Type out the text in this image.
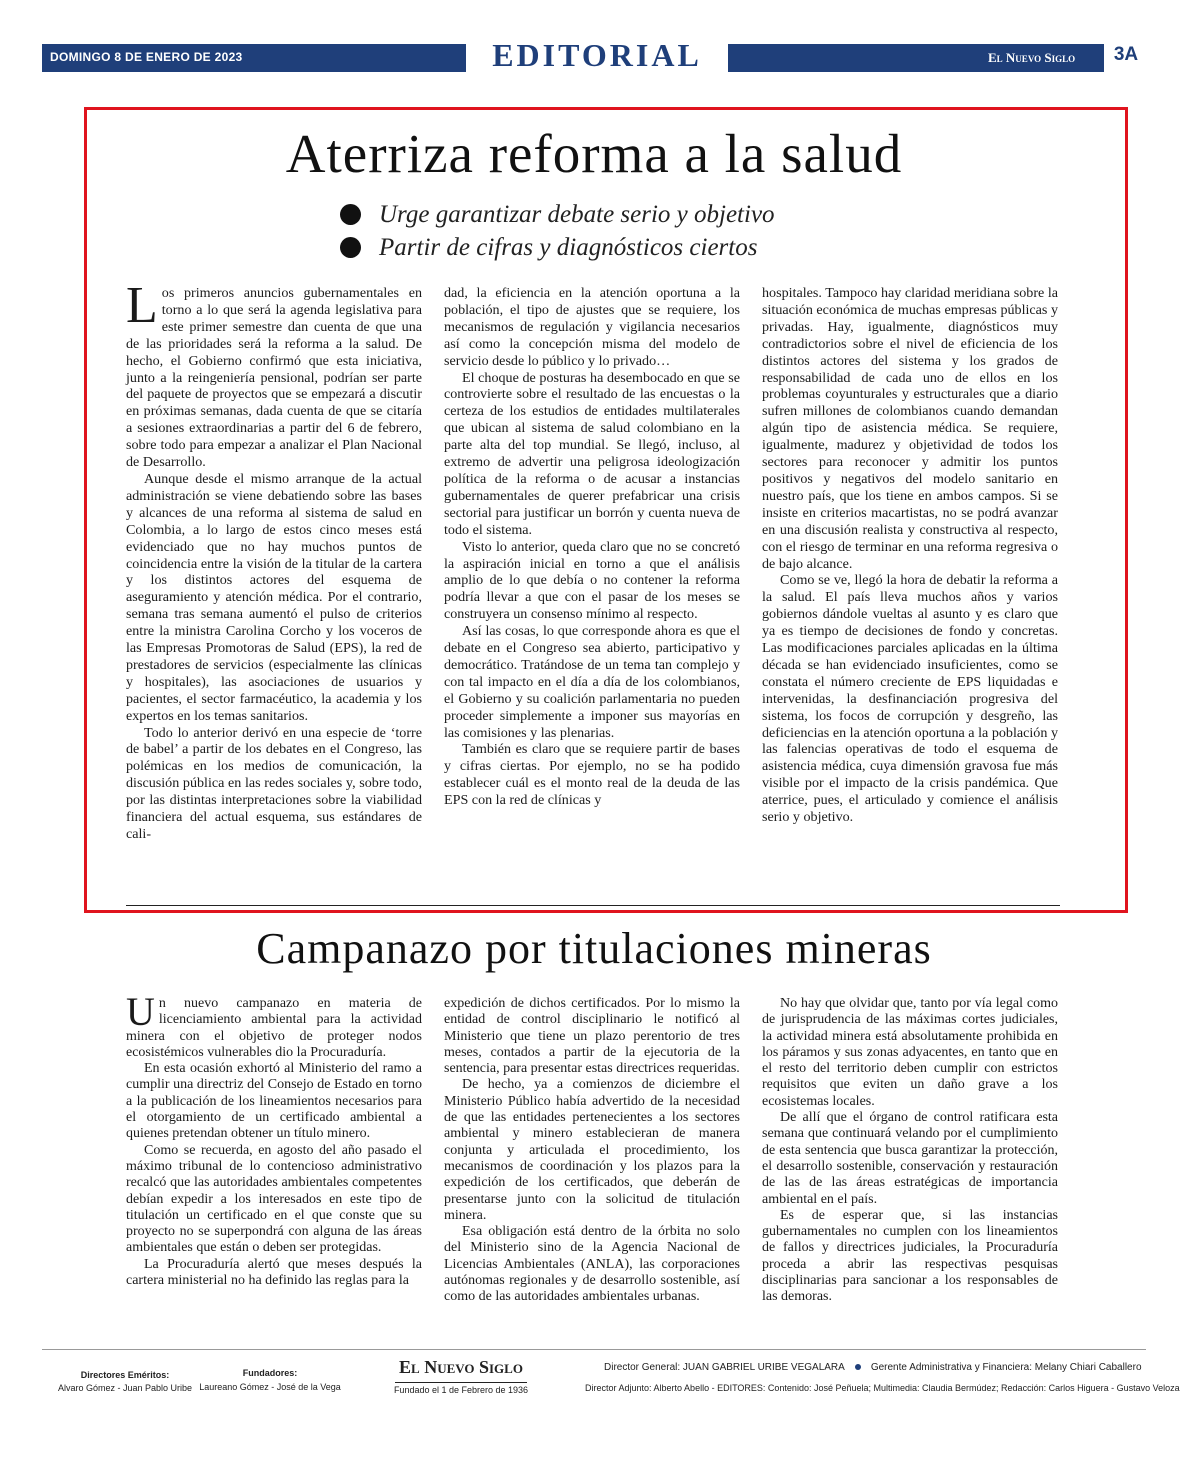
DOMINGO 8 DE ENERO DE 2023	EDITORIAL	El Nuevo Siglo	3A
Aterriza reforma a la salud
Urge garantizar debate serio y objetivo
Partir de cifras y diagnósticos ciertos

Los primeros anuncios gubernamentales en torno a lo que será la agenda legislativa para este primer semestre dan cuenta de que una de las prioridades será la reforma a la salud. De hecho, el Gobierno confirmó que esta iniciativa, junto a la reingeniería pensional, podrían ser parte del paquete de proyectos que se empezará a discutir en próximas semanas, dada cuenta de que se citaría a sesiones extraordinarias a partir del 6 de febrero, sobre todo para empezar a analizar el Plan Nacional de Desarrollo.

Aunque desde el mismo arranque de la actual administración se viene debatiendo sobre las bases y alcances de una reforma al sistema de salud en Colombia, a lo largo de estos cinco meses está evidenciado que no hay muchos puntos de coincidencia entre la visión de la titular de la cartera y los distintos actores del esquema de aseguramiento y atención médica. Por el contrario, semana tras semana aumentó el pulso de criterios entre la ministra Carolina Corcho y los voceros de las Empresas Promotoras de Salud (EPS), la red de prestadores de servicios (especialmente las clínicas y hospitales), las asociaciones de usuarios y pacientes, el sector farmacéutico, la academia y los expertos en los temas sanitarios.

Todo lo anterior derivó en una especie de ‘torre de babel’ a partir de los debates en el Congreso, las polémicas en los medios de comunicación, la discusión pública en las redes sociales y, sobre todo, por las distintas interpretaciones sobre la viabilidad financiera del actual esquema, sus estándares de cali-

dad, la eficiencia en la atención oportuna a la población, el tipo de ajustes que se requiere, los mecanismos de regulación y vigilancia necesarios así como la concepción misma del modelo de servicio desde lo público y lo privado…

El choque de posturas ha desembocado en que se controvierte sobre el resultado de las encuestas o la certeza de los estudios de entidades multilaterales que ubican al sistema de salud colombiano en la parte alta del top mundial. Se llegó, incluso, al extremo de advertir una peligrosa ideologización política de la reforma o de acusar a instancias gubernamentales de querer prefabricar una crisis sectorial para justificar un borrón y cuenta nueva de todo el sistema.

Visto lo anterior, queda claro que no se concretó la aspiración inicial en torno a que el análisis amplio de lo que debía o no contener la reforma podría llevar a que con el pasar de los meses se construyera un consenso mínimo al respecto.

Así las cosas, lo que corresponde ahora es que el debate en el Congreso sea abierto, participativo y democrático. Tratándose de un tema tan complejo y con tal impacto en el día a día de los colombianos, el Gobierno y su coalición parlamentaria no pueden proceder simplemente a imponer sus mayorías en las comisiones y las plenarias.

También es claro que se requiere partir de bases y cifras ciertas. Por ejemplo, no se ha podido establecer cuál es el monto real de la deuda de las EPS con la red de clínicas y

hospitales. Tampoco hay claridad meridiana sobre la situación económica de muchas empresas públicas y privadas. Hay, igualmente, diagnósticos muy contradictorios sobre el nivel de eficiencia de los distintos actores del sistema y los grados de responsabilidad de cada uno de ellos en los problemas coyunturales y estructurales que a diario sufren millones de colombianos cuando demandan algún tipo de asistencia médica. Se requiere, igualmente, madurez y objetividad de todos los sectores para reconocer y admitir los puntos positivos y negativos del modelo sanitario en nuestro país, que los tiene en ambos campos. Si se insiste en criterios macartistas, no se podrá avanzar en una discusión realista y constructiva al respecto, con el riesgo de terminar en una reforma regresiva o de bajo alcance.

Como se ve, llegó la hora de debatir la reforma a la salud. El país lleva muchos años y varios gobiernos dándole vueltas al asunto y es claro que ya es tiempo de decisiones de fondo y concretas. Las modificaciones parciales aplicadas en la última década se han evidenciado insuficientes, como se constata el número creciente de EPS liquidadas e intervenidas, la desfinanciación progresiva del sistema, los focos de corrupción y desgreño, las deficiencias en la atención oportuna a la población y las falencias operativas de todo el esquema de asistencia médica, cuya dimensión gravosa fue más visible por el impacto de la crisis pandémica. Que aterrice, pues, el articulado y comience el análisis serio y objetivo.

Campanazo por titulaciones mineras

Un nuevo campanazo en materia de licenciamiento ambiental para la actividad minera con el objetivo de proteger nodos ecosistémicos vulnerables dio la Procuraduría.

En esta ocasión exhortó al Ministerio del ramo a cumplir una directriz del Consejo de Estado en torno a la publicación de los lineamientos necesarios para el otorgamiento de un certificado ambiental a quienes pretendan obtener un título minero.

Como se recuerda, en agosto del año pasado el máximo tribunal de lo contencioso administrativo recalcó que las autoridades ambientales competentes debían expedir a los interesados en este tipo de titulación un certificado en el que conste que su proyecto no se superpondrá con alguna de las áreas ambientales que están o deben ser protegidas.

La Procuraduría alertó que meses después la cartera ministerial no ha definido las reglas para la

expedición de dichos certificados. Por lo mismo la entidad de control disciplinario le notificó al Ministerio que tiene un plazo perentorio de tres meses, contados a partir de la ejecutoria de la sentencia, para presentar estas directrices requeridas.

De hecho, ya a comienzos de diciembre el Ministerio Público había advertido de la necesidad de que las entidades pertenecientes a los sectores ambiental y minero establecieran de manera conjunta y articulada el procedimiento, los mecanismos de coordinación y los plazos para la expedición de los certificados, que deberán de presentarse junto con la solicitud de titulación minera.

Esa obligación está dentro de la órbita no solo del Ministerio sino de la Agencia Nacional de Licencias Ambientales (ANLA), las corporaciones autónomas regionales y de desarrollo sostenible, así como de las autoridades ambientales urbanas.

No hay que olvidar que, tanto por vía legal como de jurisprudencia de las máximas cortes judiciales, la actividad minera está absolutamente prohibida en los páramos y sus zonas adyacentes, en tanto que en el resto del territorio deben cumplir con estrictos requisitos que eviten un daño grave a los ecosistemas locales.

De allí que el órgano de control ratificara esta semana que continuará velando por el cumplimiento de esta sentencia que busca garantizar la protección, el desarrollo sostenible, conservación y restauración de las de las áreas estratégicas de importancia ambiental en el país.

Es de esperar que, si las instancias gubernamentales no cumplen con los lineamientos de fallos y directrices judiciales, la Procuraduría proceda a abrir las respectivas pesquisas disciplinarias para sancionar a los responsables de las demoras.

Directores Eméritos:
Alvaro Gómez - Juan Pablo Uribe
Fundadores:
Laureano Gómez - José de la Vega
El Nuevo Siglo
Fundado el 1 de Febrero de 1936
Director General: JUAN GABRIEL URIBE VEGALARA	Gerente Administrativa y Financiera: Melany Chiari Caballero
Director Adjunto: Alberto Abello - EDITORES: Contenido: José Peñuela; Multimedia: Claudia Bermúdez; Redacción: Carlos Higuera - Gustavo Veloza
